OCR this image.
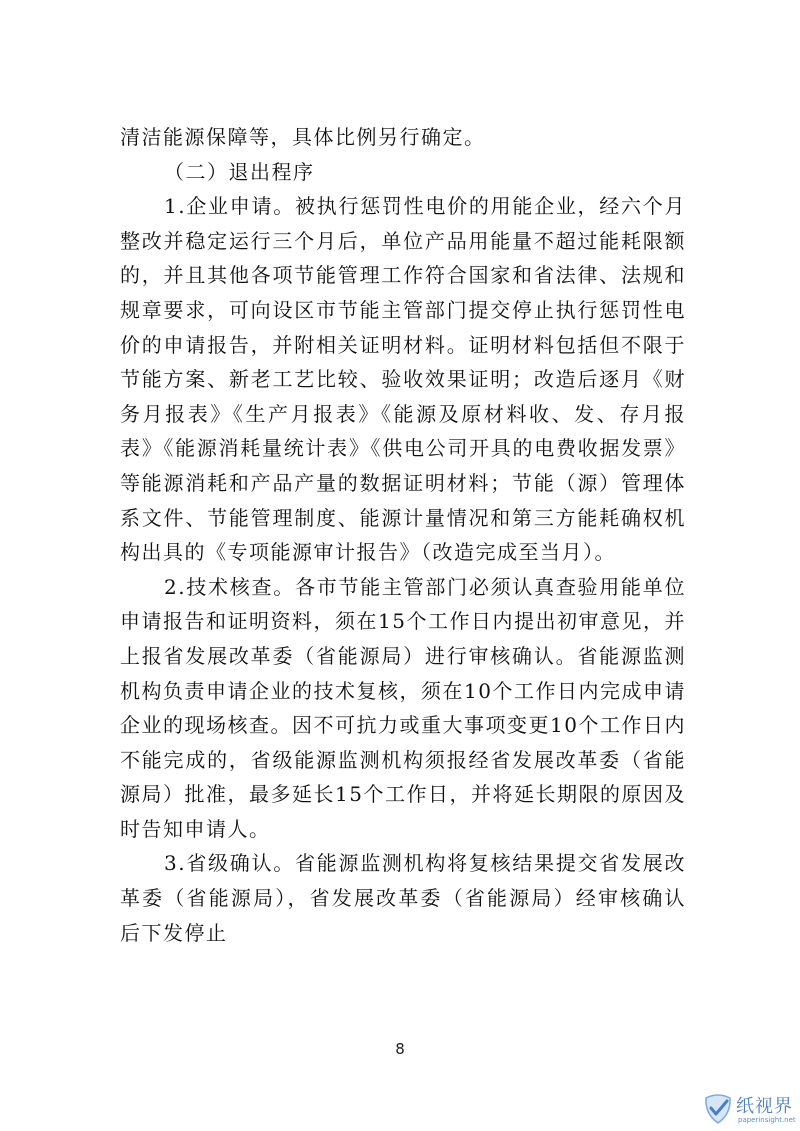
清洁能源保障等，具体比例另行确定。

（二）退出程序

1.企业申请。被执行惩罚性电价的用能企业，经六个月整改并稳定运行三个月后，单位产品用能量不超过能耗限额的，并且其他各项节能管理工作符合国家和省法律、法规和规章要求，可向设区市节能主管部门提交停止执行惩罚性电价的申请报告，并附相关证明材料。证明材料包括但不限于节能方案、新老工艺比较、验收效果证明；改造后逐月《财务月报表》《生产月报表》《能源及原材料收、发、存月报表》《能源消耗量统计表》《供电公司开具的电费收据发票》等能源消耗和产品产量的数据证明材料；节能（源）管理体系文件、节能管理制度、能源计量情况和第三方能耗确权机构出具的《专项能源审计报告》（改造完成至当月）。

2.技术核查。各市节能主管部门必须认真查验用能单位申请报告和证明资料，须在15个工作日内提出初审意见，并上报省发展改革委（省能源局）进行审核确认。省能源监测机构负责申请企业的技术复核，须在10个工作日内完成申请企业的现场核查。因不可抗力或重大事项变更10个工作日内不能完成的，省级能源监测机构须报经省发展改革委（省能源局）批准，最多延长15个工作日，并将延长期限的原因及时告知申请人。

3.省级确认。省能源监测机构将复核结果提交省发展改革委（省能源局），省发展改革委（省能源局）经审核确认后下发停止

8
纸视界
paperinsight.net
